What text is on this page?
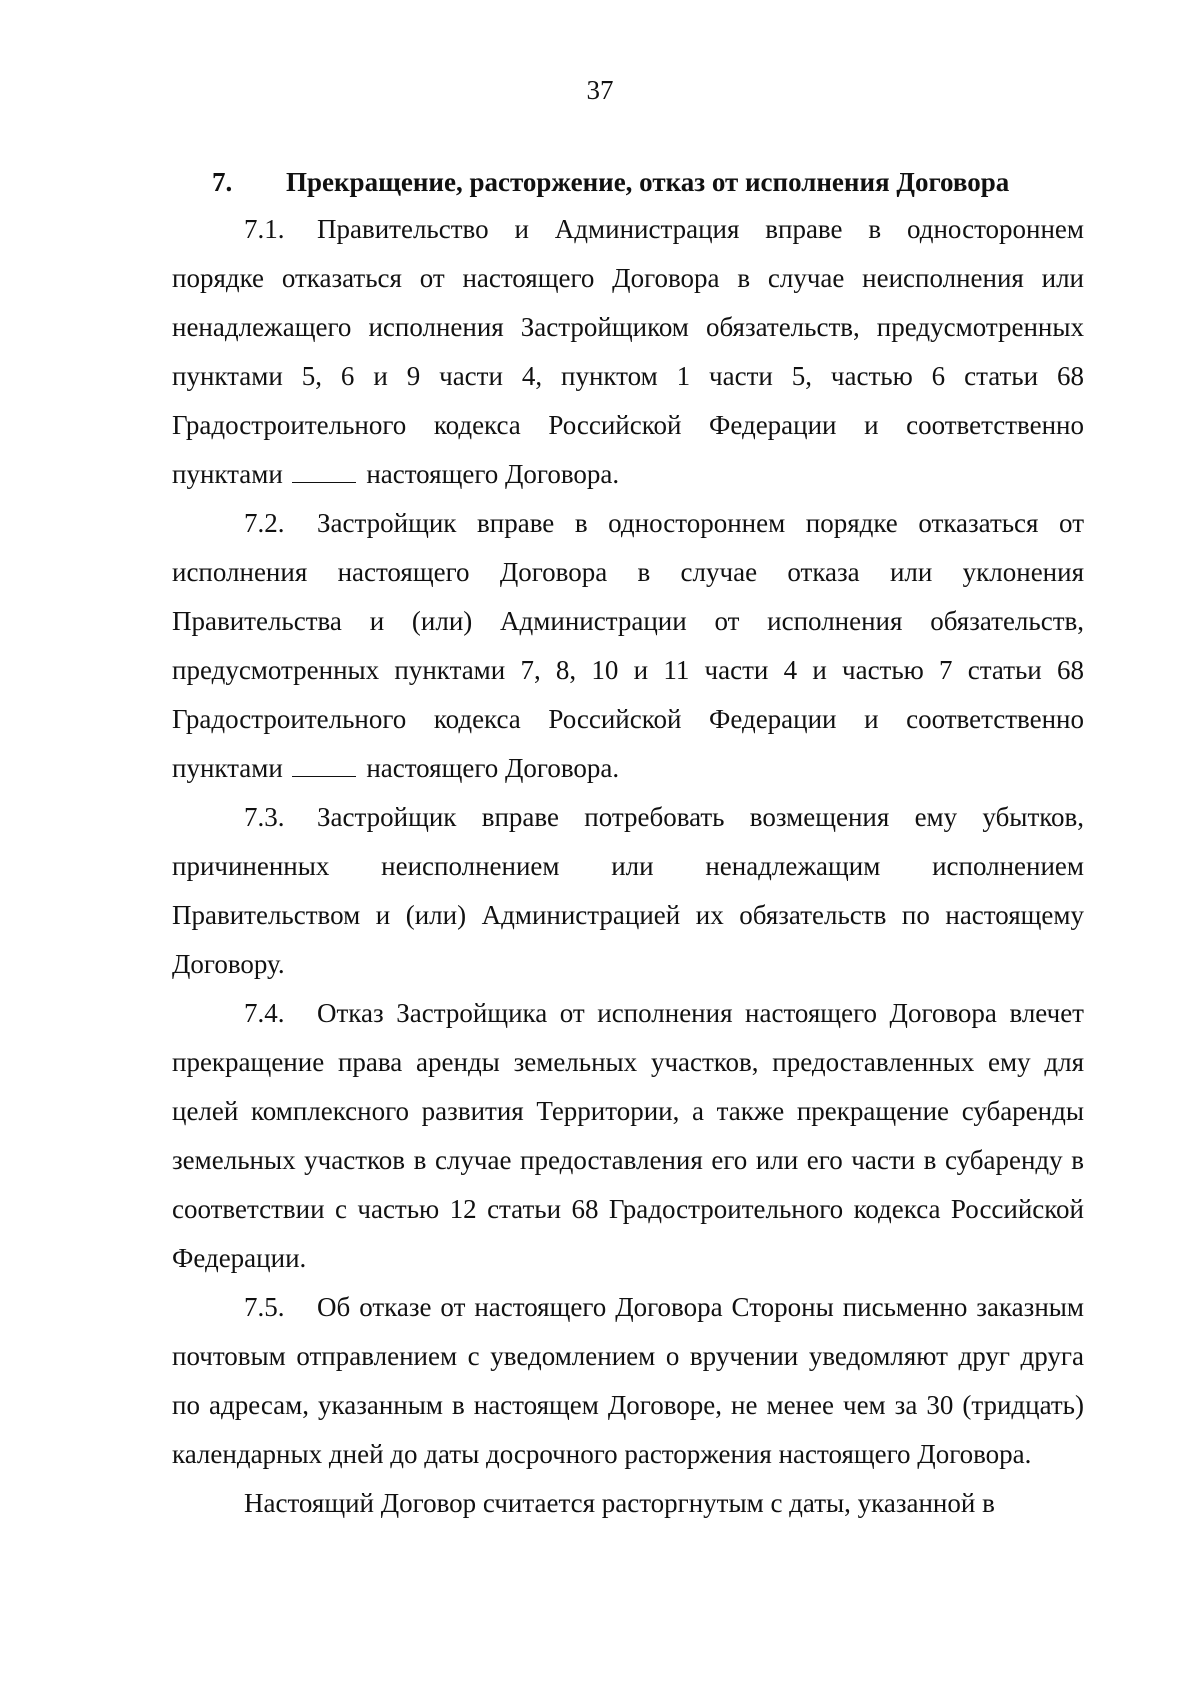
37

7. Прекращение, расторжение, отказ от исполнения Договора

7.1. Правительство и Администрация вправе в одностороннем порядке отказаться от настоящего Договора в случае неисполнения или ненадлежащего исполнения Застройщиком обязательств, предусмотренных пунктами 5, 6 и 9 части 4, пунктом 1 части 5, частью 6 статьи 68 Градостроительного кодекса Российской Федерации и соответственно пунктами	настоящего Договора.

7.2. Застройщик вправе в одностороннем порядке отказаться от исполнения настоящего Договора в случае отказа или уклонения Правительства и (или) Администрации от исполнения обязательств, предусмотренных пунктами 7, 8, 10 и 11 части 4 и частью 7 статьи 68 Градостроительного кодекса Российской Федерации и соответственно пунктами	настоящего Договора.

7.3. Застройщик вправе потребовать возмещения ему убытков, причиненных неисполнением или ненадлежащим исполнением Правительством и (или) Администрацией их обязательств по настоящему Договору.

7.4. Отказ Застройщика от исполнения настоящего Договора влечет прекращение права аренды земельных участков, предоставленных ему для целей комплексного развития Территории, а также прекращение субаренды земельных участков в случае предоставления его или его части в субаренду в соответствии с частью 12 статьи 68 Градостроительного кодекса Российской Федерации.

7.5. Об отказе от настоящего Договора Стороны письменно заказным почтовым отправлением с уведомлением о вручении уведомляют друг друга по адресам, указанным в настоящем Договоре, не менее чем за 30 (тридцать) календарных дней до даты досрочного расторжения настоящего Договора.

Настоящий Договор считается расторгнутым с даты, указанной в
